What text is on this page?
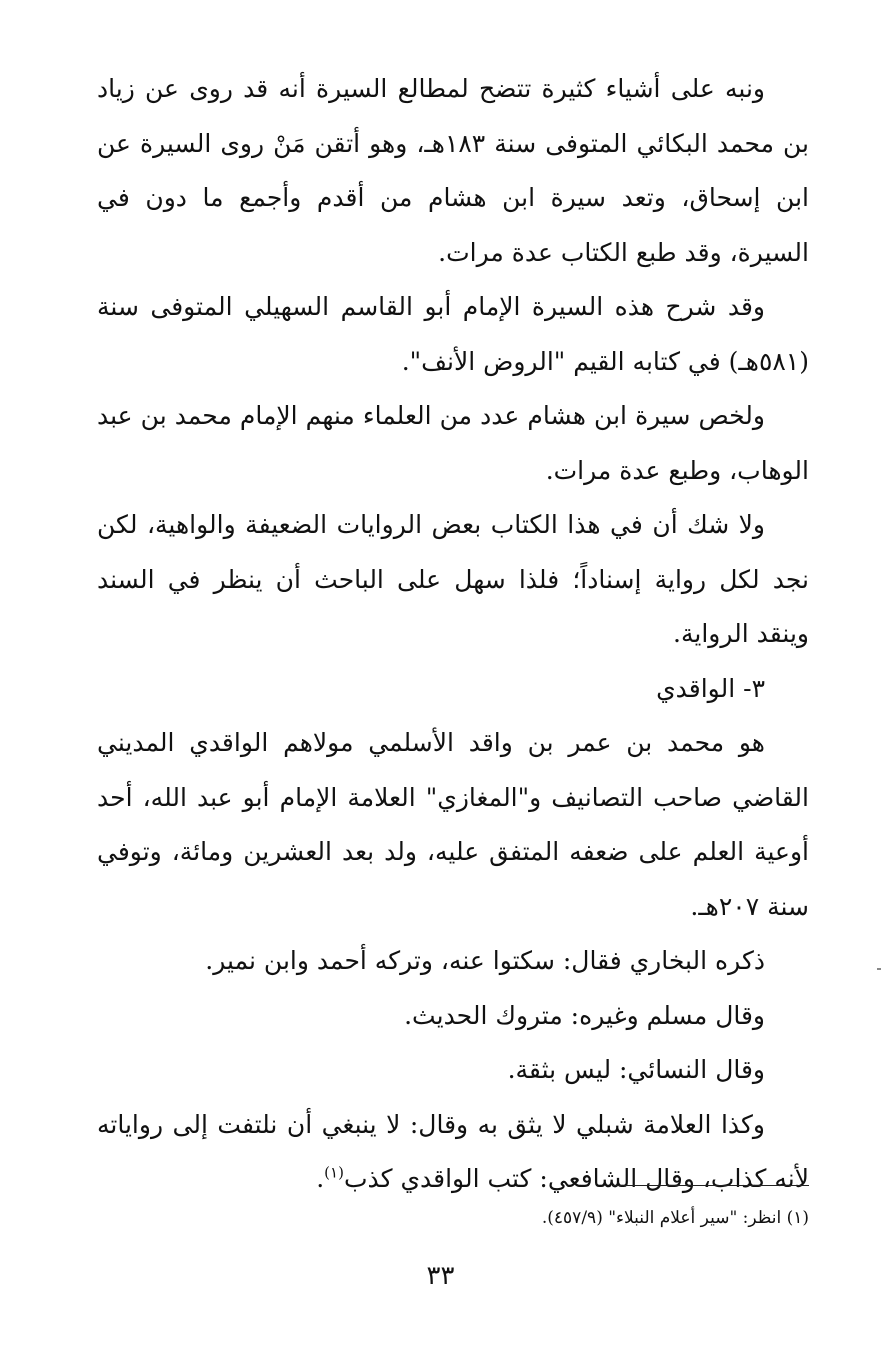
ونبه على أشياء كثيرة تتضح لمطالع السيرة أنه قد روى عن زياد بن محمد البكائي المتوفى سنة ١٨٣هـ، وهو أتقن مَنْ روى السيرة عن ابن إسحاق، وتعد سيرة ابن هشام من أقدم وأجمع ما دون في السيرة، وقد طبع الكتاب عدة مرات.

وقد شرح هذه السيرة الإمام أبو القاسم السهيلي المتوفى سنة (٥٨١هـ) في كتابه القيم "الروض الأنف".

ولخص سيرة ابن هشام عدد من العلماء منهم الإمام محمد بن عبد الوهاب، وطبع عدة مرات.

ولا شك أن في هذا الكتاب بعض الروايات الضعيفة والواهية، لكن نجد لكل رواية إسناداً؛ فلذا سهل على الباحث أن ينظر في السند وينقد الرواية.

٣- الواقدي

هو محمد بن عمر بن واقد الأسلمي مولاهم الواقدي المديني القاضي صاحب التصانيف و"المغازي" العلامة الإمام أبو عبد الله، أحد أوعية العلم على ضعفه المتفق عليه، ولد بعد العشرين ومائة، وتوفي سنة ٢٠٧هـ.

ذكره البخاري فقال: سكتوا عنه، وتركه أحمد وابن نمير.

وقال مسلم وغيره: متروك الحديث.

وقال النسائي: ليس بثقة.

وكذا العلامة شبلي لا يثق به وقال: لا ينبغي أن نلتفت إلى رواياته لأنه كذاب، وقال الشافعي: كتب الواقدي كذب$^{(١)}$.

(١) انظر: "سير أعلام النبلاء" (٤٥٧/٩).
٣٣
